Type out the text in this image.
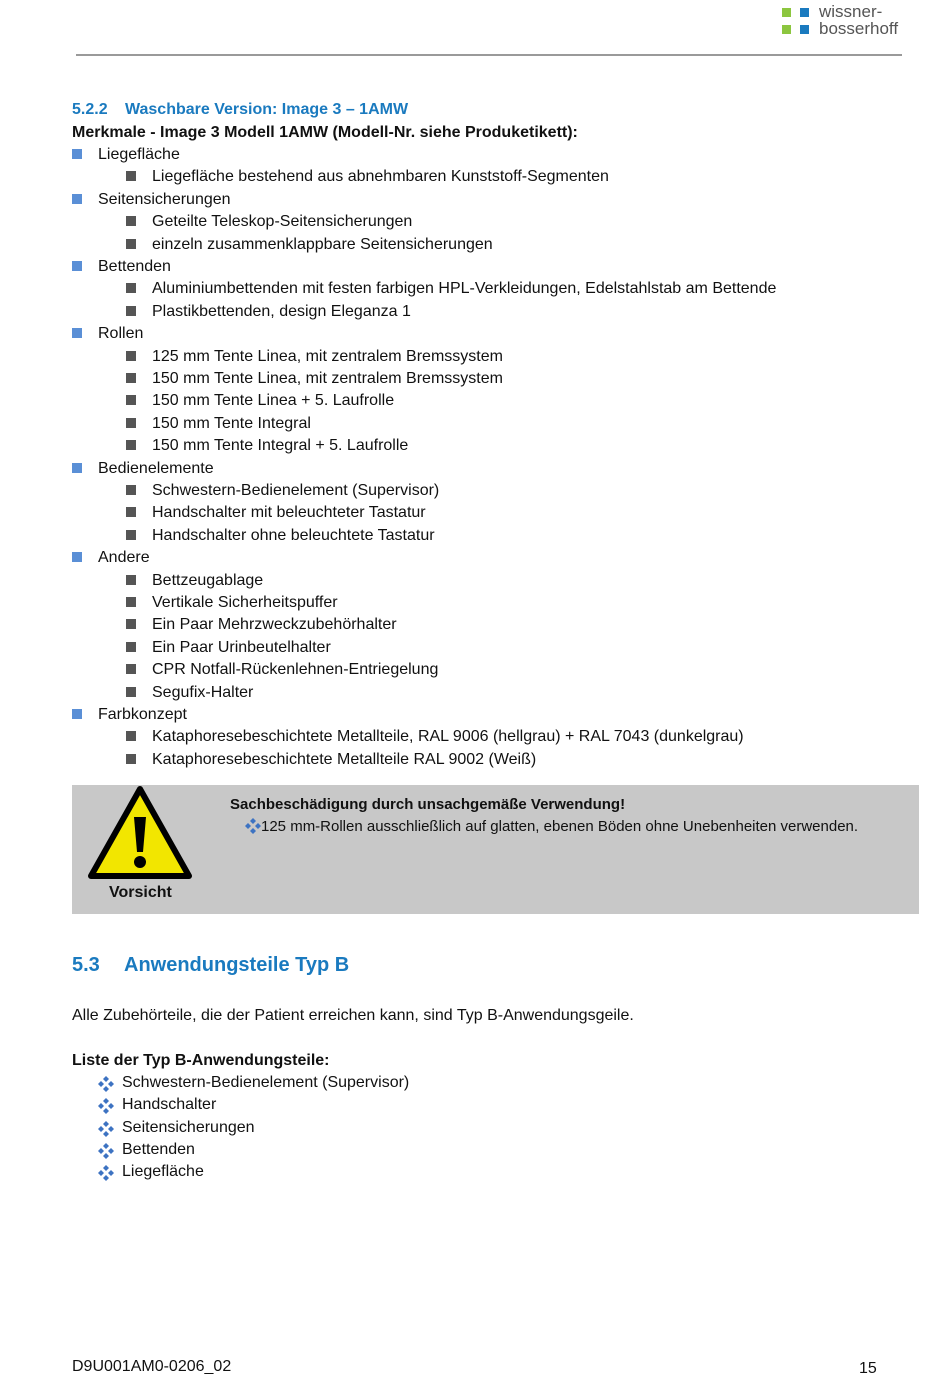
wissner-
bosserhoff
5.2.2 Waschbare Version: Image 3 – 1AMW
Merkmale - Image 3 Modell 1AMW (Modell-Nr. siehe Produketikett):
Liegefläche
Liegefläche bestehend aus abnehmbaren Kunststoff-Segmenten
Seitensicherungen
Geteilte Teleskop-Seitensicherungen
einzeln zusammenklappbare Seitensicherungen
Bettenden
Aluminiumbettenden mit festen farbigen HPL-Verkleidungen, Edelstahlstab am Bettende
Plastikbettenden, design Eleganza 1
Rollen
125 mm Tente Linea, mit zentralem Bremssystem
150 mm Tente Linea, mit zentralem Bremssystem
150 mm Tente Linea + 5. Laufrolle
150 mm Tente Integral
150 mm Tente Integral + 5. Laufrolle
Bedienelemente
Schwestern-Bedienelement (Supervisor)
Handschalter mit beleuchteter Tastatur
Handschalter ohne beleuchtete Tastatur
Andere
Bettzeugablage
Vertikale Sicherheitspuffer
Ein Paar Mehrzweckzubehörhalter
Ein Paar Urinbeutelhalter
CPR Notfall-Rückenlehnen-Entriegelung
Segufix-Halter
Farbkonzept
Kataphoresebeschichtete Metallteile, RAL 9006 (hellgrau) + RAL 7043 (dunkelgrau)
Kataphoresebeschichtete Metallteile RAL 9002 (Weiß)
Vorsicht
Sachbeschädigung durch unsachgemäße Verwendung!
125 mm-Rollen ausschließlich auf glatten, ebenen Böden ohne Unebenheiten verwenden.
5.3 Anwendungsteile Typ B
Alle Zubehörteile, die der Patient erreichen kann, sind Typ B-Anwendungsgeile.
Liste der Typ B-Anwendungsteile:
Schwestern-Bedienelement (Supervisor)
Handschalter
Seitensicherungen
Bettenden
Liegefläche
D9U001AM0-0206_02	15
